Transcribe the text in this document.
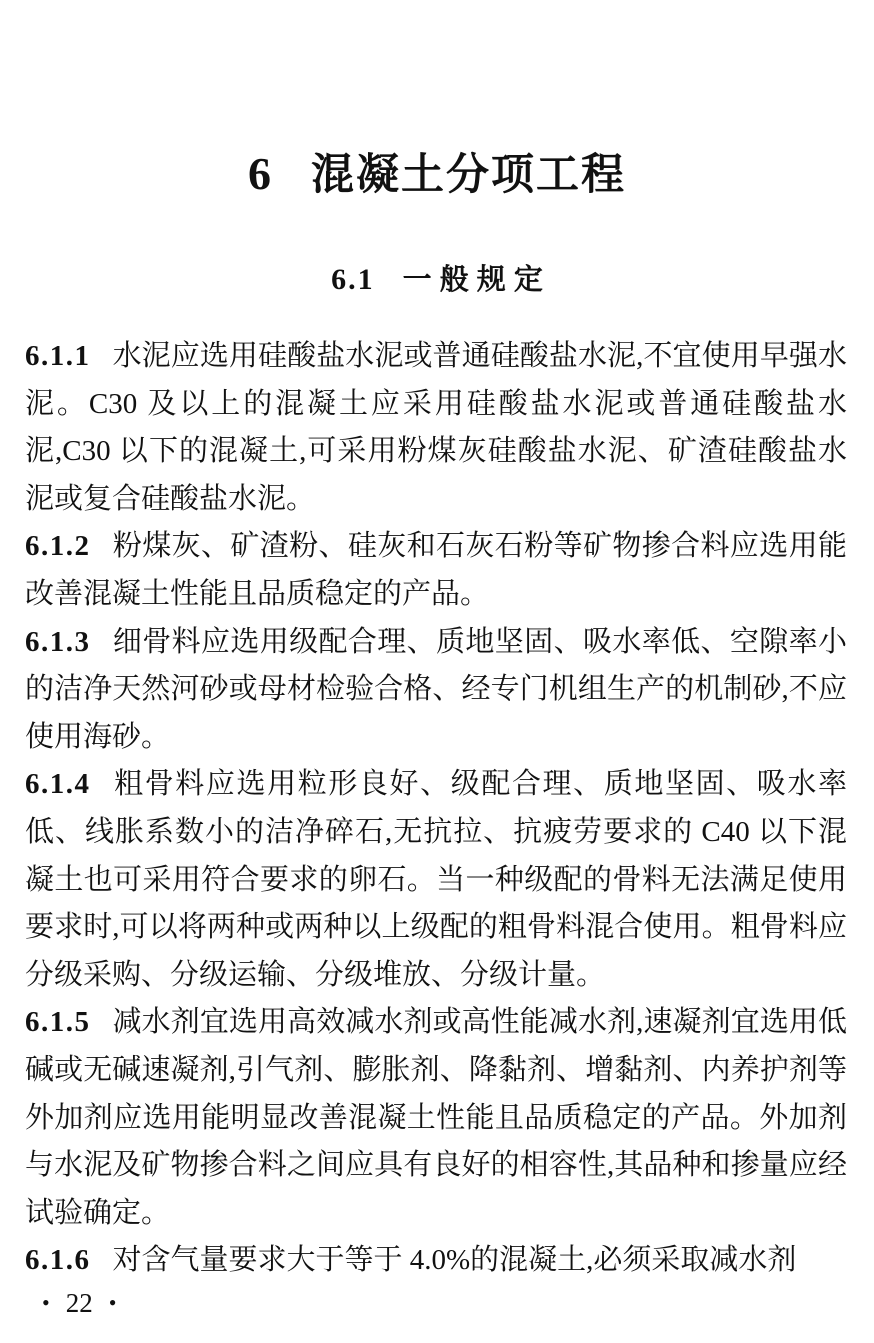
6 混凝土分项工程
6.1 一 般 规 定

6.1.1 水泥应选用硅酸盐水泥或普通硅酸盐水泥,不宜使用早强水泥。C30 及以上的混凝土应采用硅酸盐水泥或普通硅酸盐水泥,C30 以下的混凝土,可采用粉煤灰硅酸盐水泥、矿渣硅酸盐水泥或复合硅酸盐水泥。

6.1.2 粉煤灰、矿渣粉、硅灰和石灰石粉等矿物掺合料应选用能改善混凝土性能且品质稳定的产品。

6.1.3 细骨料应选用级配合理、质地坚固、吸水率低、空隙率小的洁净天然河砂或母材检验合格、经专门机组生产的机制砂,不应使用海砂。

6.1.4 粗骨料应选用粒形良好、级配合理、质地坚固、吸水率低、线胀系数小的洁净碎石,无抗拉、抗疲劳要求的 C40 以下混凝土也可采用符合要求的卵石。当一种级配的骨料无法满足使用要求时,可以将两种或两种以上级配的粗骨料混合使用。粗骨料应分级采购、分级运输、分级堆放、分级计量。

6.1.5 减水剂宜选用高效减水剂或高性能减水剂,速凝剂宜选用低碱或无碱速凝剂,引气剂、膨胀剂、降黏剂、增黏剂、内养护剂等外加剂应选用能明显改善混凝土性能且品质稳定的产品。外加剂与水泥及矿物掺合料之间应具有良好的相容性,其品种和掺量应经试验确定。

6.1.6 对含气量要求大于等于 4.0%的混凝土,必须采取减水剂

• 22 •
